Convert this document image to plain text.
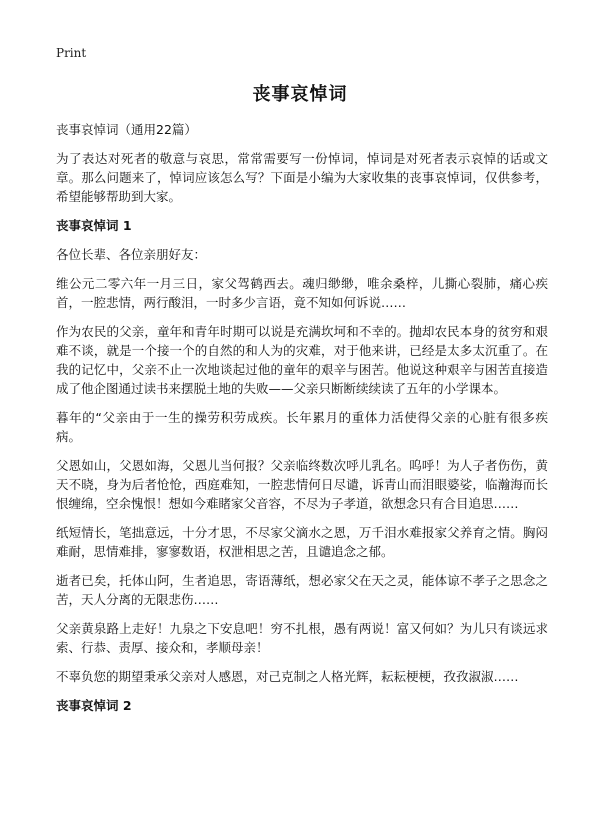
Print
丧事哀悼词
丧事哀悼词（通用22篇）

为了表达对死者的敬意与哀思，常常需要写一份悼词，悼词是对死者表示哀悼的话或文章。那么问题来了，悼词应该怎么写？下面是小编为大家收集的丧事哀悼词，仅供参考，希望能够帮助到大家。

丧事哀悼词 1

各位长辈、各位亲朋好友：

维公元二零六年一月三日，家父驾鹤西去。魂归缈缈，唯余桑梓，儿撕心裂肺，痛心疾首，一腔悲情，两行酸泪，一时多少言语，竟不知如何诉说……

作为农民的父亲，童年和青年时期可以说是充满坎坷和不幸的。抛却农民本身的贫穷和艰难不谈，就是一个接一个的自然的和人为的灾难，对于他来讲，已经是太多太沉重了。在我的记忆中，父亲不止一次地谈起过他的童年的艰辛与困苦。他说这种艰辛与困苦直接造成了他企图通过读书来摆脱土地的失败——父亲只断断续续读了五年的小学课本。

暮年的“父亲由于一生的操劳积劳成疾。长年累月的重体力活使得父亲的心脏有很多疾病。

父恩如山，父恩如海，父恩儿当何报？父亲临终数次呼儿乳名。呜呼！为人子者伤伤，黄天不晓，身为后者怆怆，西庭难知，一腔悲情何日尽谴，诉青山而泪眼婆娑，临瀚海而长恨缠绵，空余愧恨！想如今难睹家父音容，不尽为子孝道，欲想念只有合目追思……

纸短情长，笔拙意远，十分才思，不尽家父滴水之恩，万千泪水难报家父养育之情。胸闷难耐，思情难排，寥寥数语，权泄相思之苦，且谴追念之郁。

逝者已矣，托体山阿，生者追思，寄语薄纸，想必家父在天之灵，能体谅不孝子之思念之苦，天人分离的无限悲伤……

父亲黄泉路上走好！九泉之下安息吧！穷不扎根，愚有两说！富又何如？为儿只有谈远求索、行恭、责厚、接众和，孝顺母亲！

不辜负您的期望秉承父亲对人感恩，对己克制之人格光辉，耘耘梗梗，孜孜淑淑……

丧事哀悼词 2
